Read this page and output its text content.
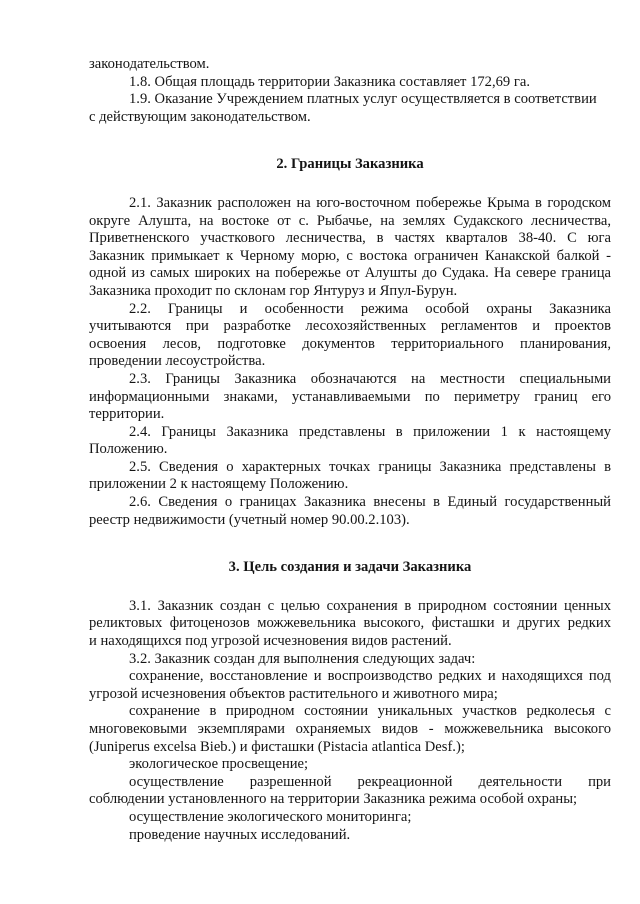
законодательством.
1.8. Общая площадь территории Заказника составляет 172,69 га.
1.9. Оказание Учреждением платных услуг осуществляется в соответствии
с действующим законодательством.
2. Границы Заказника
2.1. Заказник расположен на юго-восточном побережье Крыма в городском
округе Алушта, на востоке от с. Рыбачье, на землях Судакского лесничества,
Приветненского участкового лесничества, в частях кварталов 38-40. С юга
Заказник примыкает к Черному морю, с востока ограничен Канакской балкой -
одной из самых широких на побережье от Алушты до Судака. На севере граница
Заказника проходит по склонам гор Янтуруз и Япул-Бурун.
2.2. Границы и особенности режима особой охраны Заказника
учитываются при разработке лесохозяйственных регламентов и проектов
освоения лесов, подготовке документов территориального планирования,
проведении лесоустройства.
2.3. Границы Заказника обозначаются на местности специальными
информационными знаками, устанавливаемыми по периметру границ его
территории.
2.4. Границы Заказника представлены в приложении 1 к настоящему
Положению.
2.5. Сведения о характерных точках границы Заказника представлены в
приложении 2 к настоящему Положению.
2.6. Сведения о границах Заказника внесены в Единый государственный
реестр недвижимости (учетный номер 90.00.2.103).
3. Цель создания и задачи Заказника
3.1. Заказник создан с целью сохранения в природном состоянии ценных
реликтовых фитоценозов можжевельника высокого, фисташки и других редких
и находящихся под угрозой исчезновения видов растений.
3.2. Заказник создан для выполнения следующих задач:
сохранение, восстановление и воспроизводство редких и находящихся под
угрозой исчезновения объектов растительного и животного мира;
сохранение в природном состоянии уникальных участков редколесья с
многовековыми экземплярами охраняемых видов - можжевельника высокого
(Juniperus excelsa Bieb.) и фисташки (Pistacia atlantica Desf.);
экологическое просвещение;
осуществление разрешенной рекреационной деятельности при
соблюдении установленного на территории Заказника режима особой охраны;
осуществление экологического мониторинга;
проведение научных исследований.
